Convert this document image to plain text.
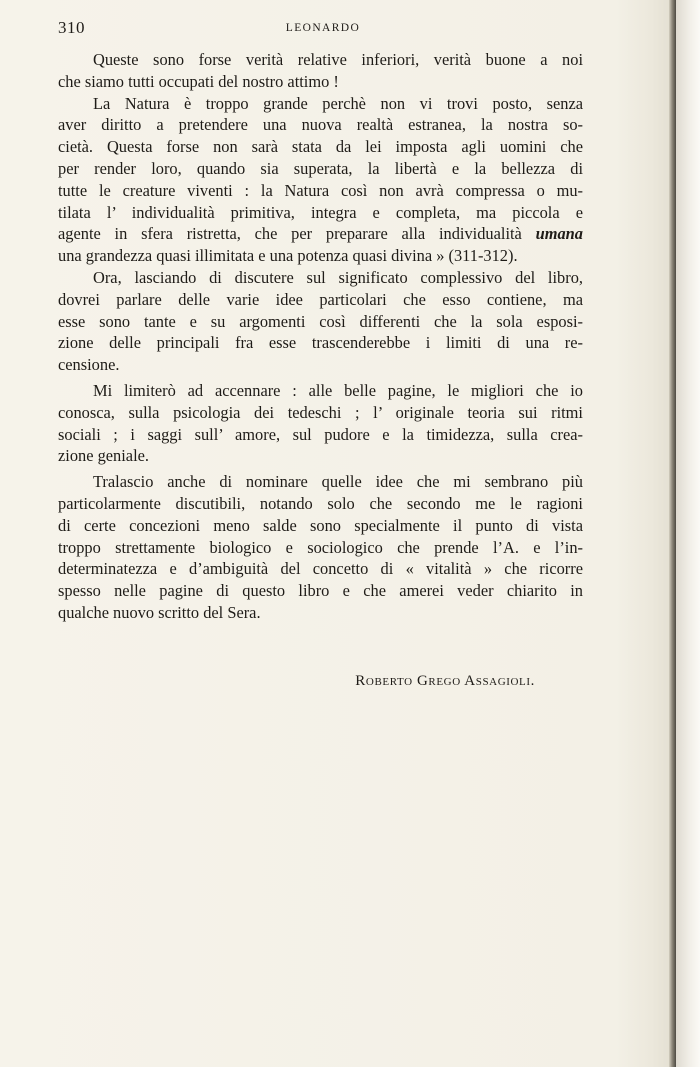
310	LEONARDO
Queste sono forse verità relative inferiori, verità buone a noi
che siamo tutti occupati del nostro attimo !
La Natura è troppo grande perchè non vi trovi posto, senza
aver diritto a pretendere una nuova realtà estranea, la nostra so-
cietà. Questa forse non sarà stata da lei imposta agli uomini che
per render loro, quando sia superata, la libertà e la bellezza di
tutte le creature viventi : la Natura così non avrà compressa o mu-
tilata l’ individualità primitiva, integra e completa, ma piccola e
agente in sfera ristretta, che per preparare alla individualità umana
una grandezza quasi illimitata e una potenza quasi divina » (311-312).
Ora, lasciando di discutere sul significato complessivo del libro,
dovrei parlare delle varie idee particolari che esso contiene, ma
esse sono tante e su argomenti così differenti che la sola esposi-
zione delle principali fra esse trascenderebbe i limiti di una re-
censione.
Mi limiterò ad accennare : alle belle pagine, le migliori che io
conosca, sulla psicologia dei tedeschi ; l’ originale teoria sui ritmi
sociali ; i saggi sull’ amore, sul pudore e la timidezza, sulla crea-
zione geniale.
Tralascio anche di nominare quelle idee che mi sembrano più
particolarmente discutibili, notando solo che secondo me le ragioni
di certe concezioni meno salde sono specialmente il punto di vista
troppo strettamente biologico e sociologico che prende l’A. e l’in-
determinatezza e d’ambiguità del concetto di « vitalità » che ricorre
spesso nelle pagine di questo libro e che amerei veder chiarito in
qualche nuovo scritto del Sera.
Roberto Grego Assagioli.
